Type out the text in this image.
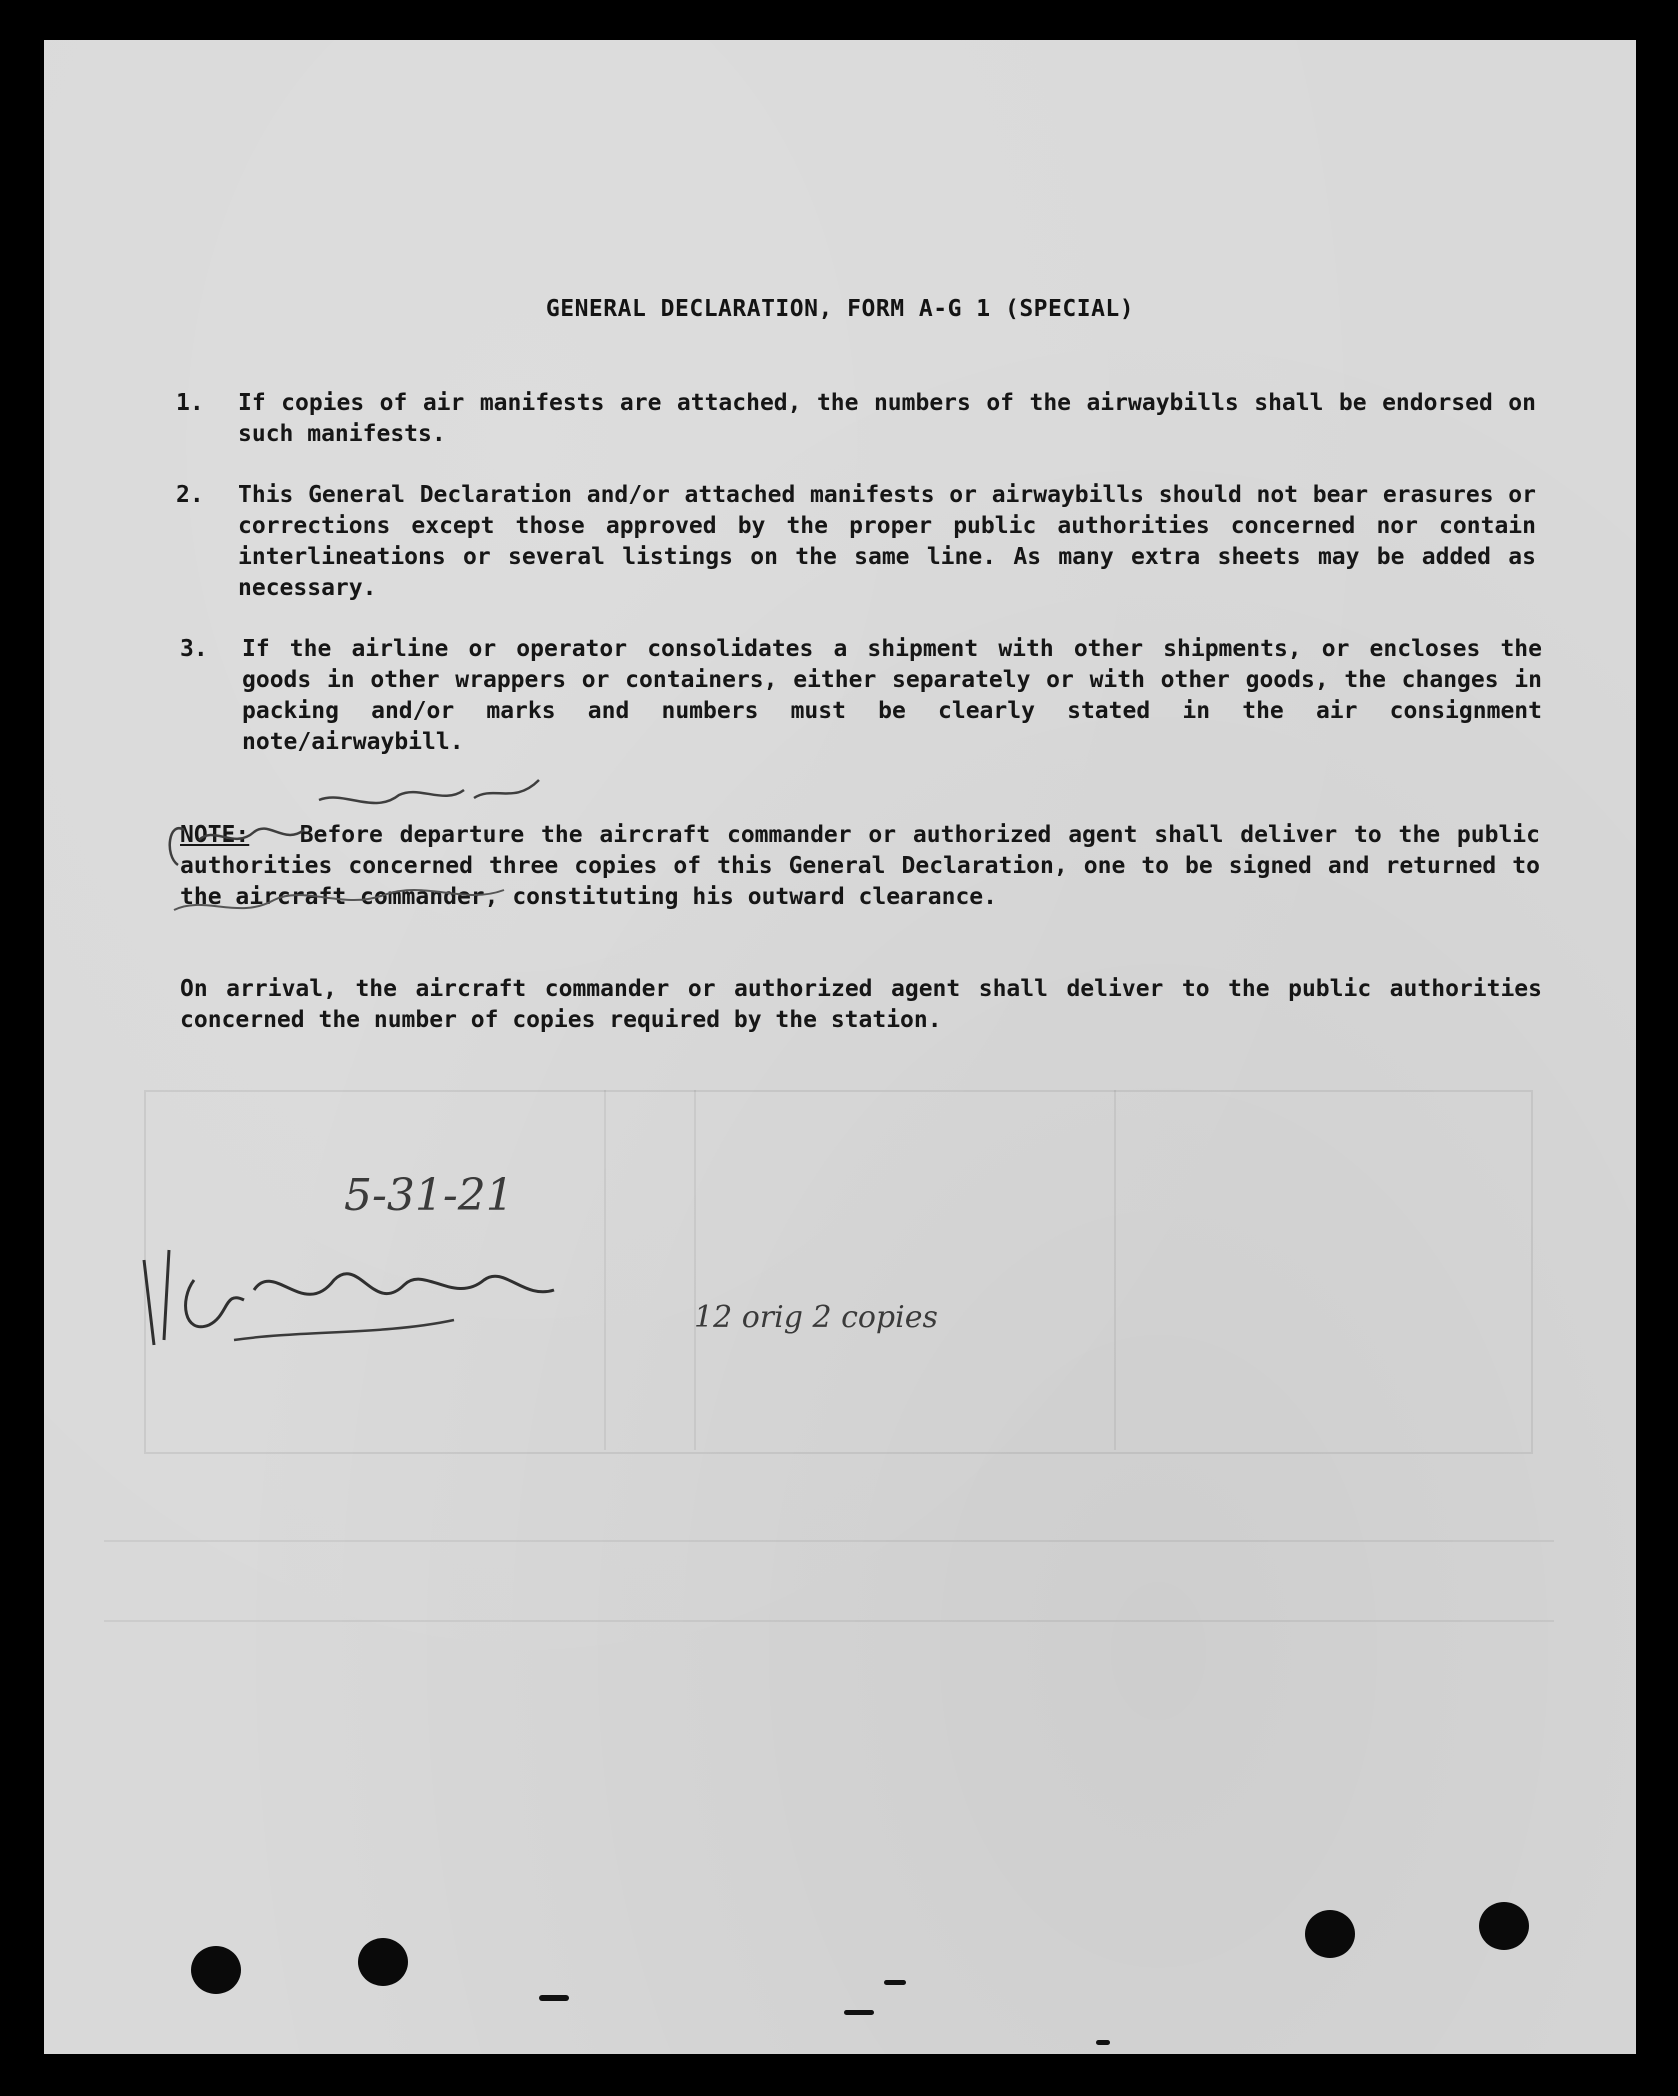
GENERAL DECLARATION, FORM A-G 1 (SPECIAL)
1. If copies of air manifests are attached, the numbers of the airwaybills shall be endorsed on such manifests.
2. This General Declaration and/or attached manifests or airwaybills should not bear erasures or corrections except those approved by the proper public authorities concerned nor contain interlineations or several listings on the same line. As many extra sheets may be added as necessary.
3. If the airline or operator consolidates a shipment with other shipments, or encloses the goods in other wrappers or containers, either separately or with other goods, the changes in packing and/or marks and numbers must be clearly stated in the air consignment note/airwaybill.
NOTE: Before departure the aircraft commander or authorized agent shall deliver to the public authorities concerned three copies of this General Declaration, one to be signed and returned to the aircraft commander, constituting his outward clearance.
On arrival, the aircraft commander or authorized agent shall deliver to the public authorities concerned the number of copies required by the station.
5-31-21
12 orig 2 copies
